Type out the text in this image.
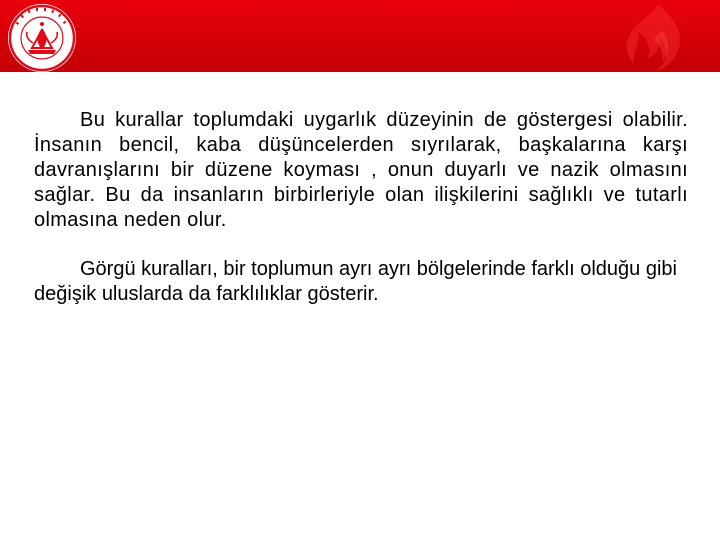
Bu kurallar toplumdaki uygarlık düzeyinin de göstergesi olabilir. İnsanın bencil, kaba düşüncelerden sıyrılarak, başkalarına karşı davranışlarını bir düzene koyması , onun duyarlı ve nazik olmasını sağlar. Bu da insanların birbirleriyle olan ilişkilerini sağlıklı ve tutarlı olmasına neden olur.

Görgü kuralları, bir toplumun ayrı ayrı bölgelerinde farklı olduğu gibi değişik uluslarda da farklılıklar gösterir.
